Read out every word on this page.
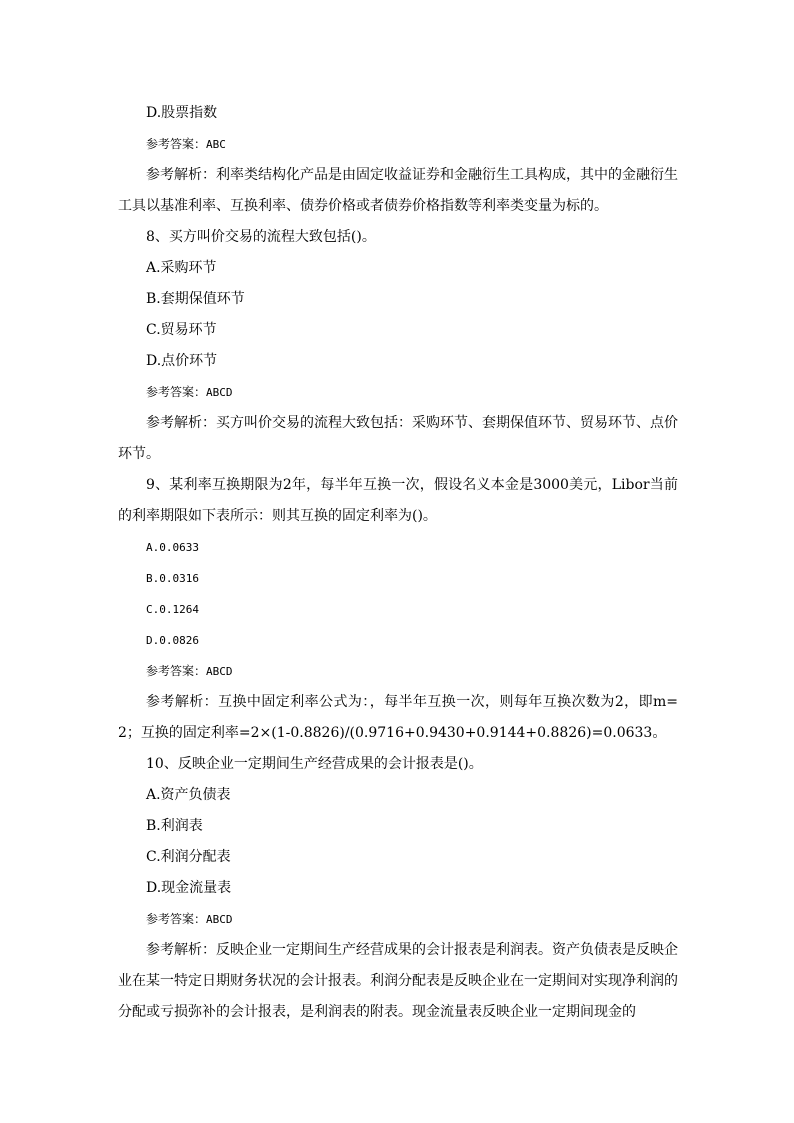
D.股票指数
参考答案：ABC
参考解析：利率类结构化产品是由固定收益证券和金融衍生工具构成，其中的金融衍生工具以基准利率、互换利率、债券价格或者债券价格指数等利率类变量为标的。
8、买方叫价交易的流程大致包括()。
A.采购环节
B.套期保值环节
C.贸易环节
D.点价环节
参考答案：ABCD
参考解析：买方叫价交易的流程大致包括：采购环节、套期保值环节、贸易环节、点价环节。
9、某利率互换期限为2年，每半年互换一次，假设名义本金是3000美元，Libor当前的利率期限如下表所示：则其互换的固定利率为()。
A.0.0633
B.0.0316
C.0.1264
D.0.0826
参考答案：ABCD
参考解析：互换中固定利率公式为：，每半年互换一次，则每年互换次数为2，即m=2；互换的固定利率=2×(1-0.8826)/(0.9716+0.9430+0.9144+0.8826)=0.0633。
10、反映企业一定期间生产经营成果的会计报表是()。
A.资产负债表
B.利润表
C.利润分配表
D.现金流量表
参考答案：ABCD
参考解析：反映企业一定期间生产经营成果的会计报表是利润表。资产负债表是反映企业在某一特定日期财务状况的会计报表。利润分配表是反映企业在一定期间对实现净利润的分配或亏损弥补的会计报表，是利润表的附表。现金流量表反映企业一定期间现金的
